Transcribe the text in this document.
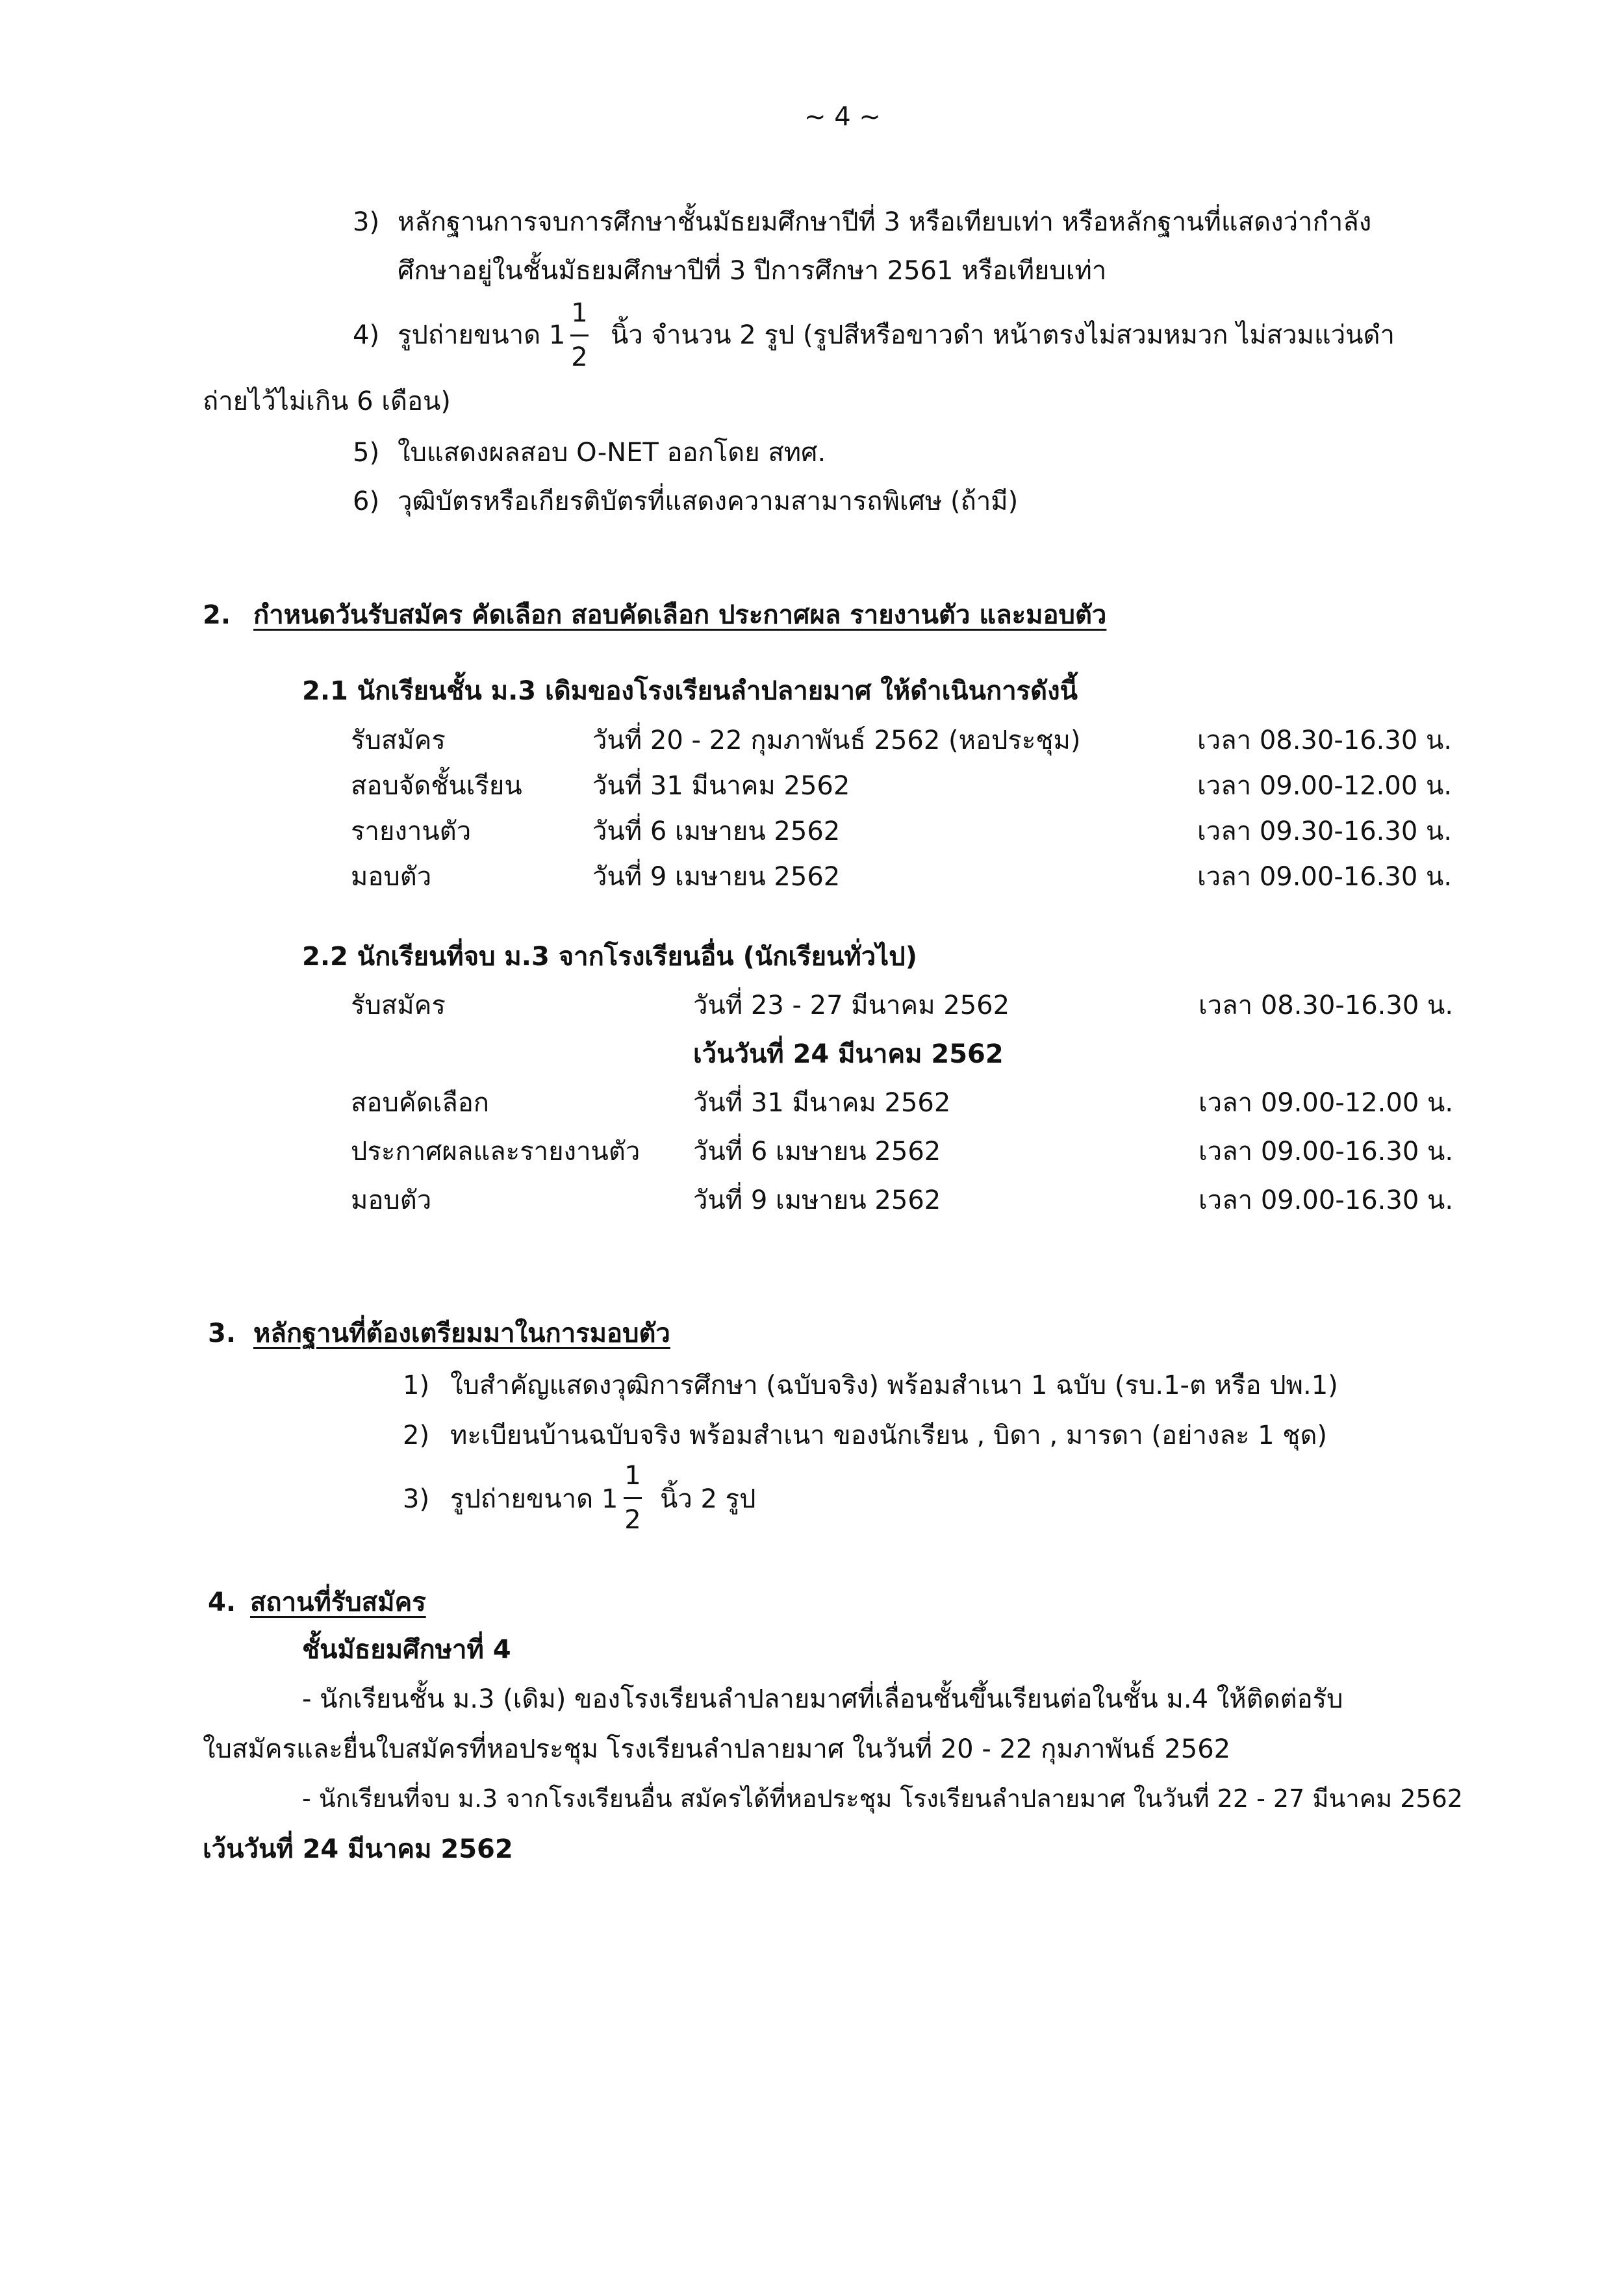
~ 4 ~
3) หลักฐานการจบการศึกษาชั้นมัธยมศึกษาปีที่ 3 หรือเทียบเท่า หรือหลักฐานที่แสดงว่ากำลัง
ศึกษาอยู่ในชั้นมัธยมศึกษาปีที่ 3 ปีการศึกษา 2561 หรือเทียบเท่า
4) รูปถ่ายขนาด 1
1
2
นิ้ว จำนวน 2 รูป (รูปสีหรือขาวดำ หน้าตรงไม่สวมหมวก ไม่สวมแว่นดำ
ถ่ายไว้ไม่เกิน 6 เดือน)
5) ใบแสดงผลสอบ O-NET ออกโดย สทศ.
6) วุฒิบัตรหรือเกียรติบัตรที่แสดงความสามารถพิเศษ (ถ้ามี)
2. กำหนดวันรับสมัคร คัดเลือก สอบคัดเลือก ประกาศผล รายงานตัว และมอบตัว
2.1 นักเรียนชั้น ม.3 เดิมของโรงเรียนลำปลายมาศ ให้ดำเนินการดังนี้
รับสมัคร	วันที่ 20 - 22 กุมภาพันธ์ 2562 (หอประชุม)	เวลา 08.30-16.30 น.
สอบจัดชั้นเรียน	วันที่ 31 มีนาคม 2562	เวลา 09.00-12.00 น.
รายงานตัว	วันที่ 6 เมษายน 2562	เวลา 09.30-16.30 น.
มอบตัว	วันที่ 9 เมษายน 2562	เวลา 09.00-16.30 น.
2.2 นักเรียนที่จบ ม.3 จากโรงเรียนอื่น (นักเรียนทั่วไป)
รับสมัคร	วันที่ 23 - 27 มีนาคม 2562	เวลา 08.30-16.30 น.
เว้นวันที่ 24 มีนาคม 2562
สอบคัดเลือก	วันที่ 31 มีนาคม 2562	เวลา 09.00-12.00 น.
ประกาศผลและรายงานตัว วันที่ 6 เมษายน 2562	เวลา 09.00-16.30 น.
มอบตัว	วันที่ 9 เมษายน 2562	เวลา 09.00-16.30 น.
3. หลักฐานที่ต้องเตรียมมาในการมอบตัว
1) ใบสำคัญแสดงวุฒิการศึกษา (ฉบับจริง) พร้อมสำเนา 1 ฉบับ (รบ.1-ต หรือ ปพ.1)
2) ทะเบียนบ้านฉบับจริง พร้อมสำเนา ของนักเรียน , บิดา , มารดา (อย่างละ 1 ชุด)
3) รูปถ่ายขนาด 1
1
2
นิ้ว 2 รูป
4. สถานที่รับสมัคร
ชั้นมัธยมศึกษาที่ 4
- นักเรียนชั้น ม.3 (เดิม) ของโรงเรียนลำปลายมาศที่เลื่อนชั้นขึ้นเรียนต่อในชั้น ม.4 ให้ติดต่อรับ
ใบสมัครและยื่นใบสมัครที่หอประชุม โรงเรียนลำปลายมาศ ในวันที่ 20 - 22 กุมภาพันธ์ 2562
- นักเรียนที่จบ ม.3 จากโรงเรียนอื่น สมัครได้ที่หอประชุม โรงเรียนลำปลายมาศ ในวันที่ 22 - 27 มีนาคม 2562
เว้นวันที่ 24 มีนาคม 2562
